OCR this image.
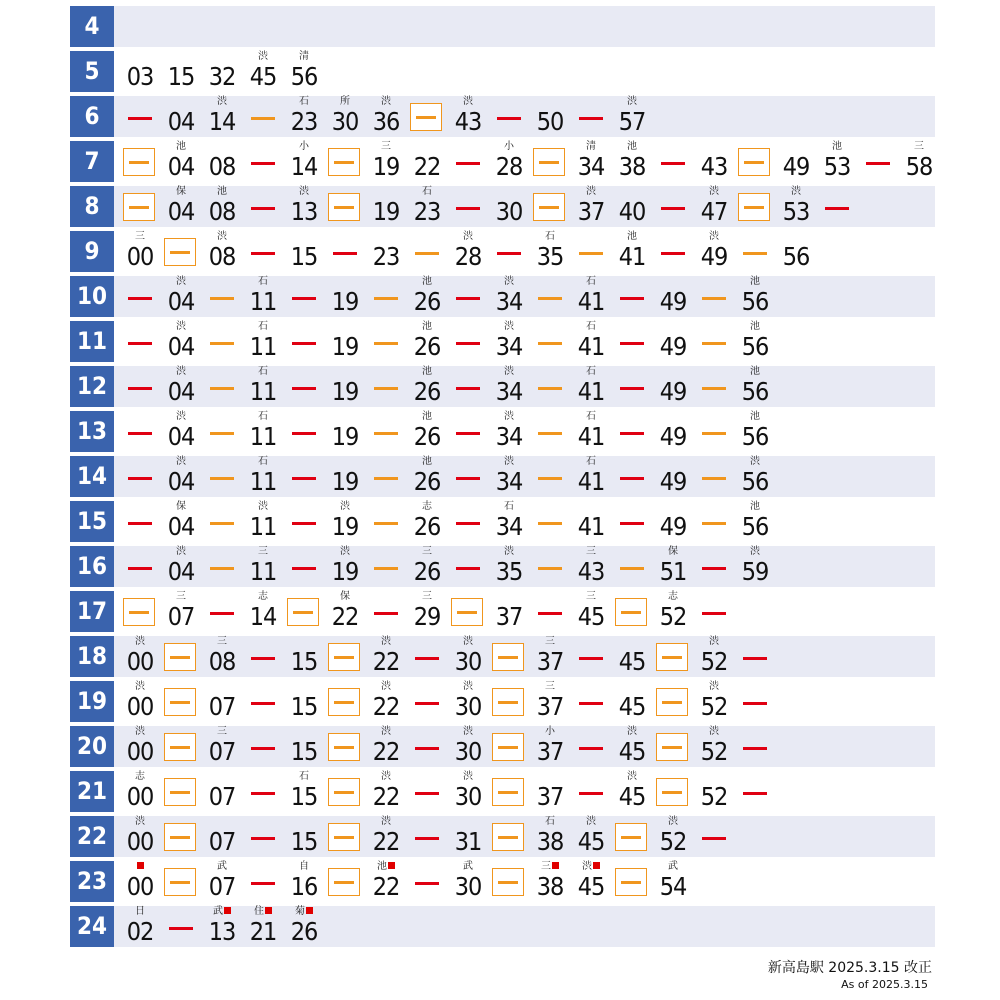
4
5	03 15 32
渋
45
清
56
6	04
渋
14
石
23
所
30
渋
36
渋
43 50
渋
57
7
池
04 08
小
14
三
19 22
小
28
清
34
池
38 43 49
池
53
三
58
8
保
04
池
08
渋
13 19
石
23 30
渋
37 40
渋
47
渋
53
9
三
00
渋
08 15 23
渋
28
石
35
池
41
渋
49 56
10
渋
04
石
11 19
池
26
渋
34
石
41 49
池
56
11
渋
04
石
11 19
池
26
渋
34
石
41 49
池
56
12
渋
04
石
11 19
池
26
渋
34
石
41 49
池
56
13
渋
04
石
11 19
池
26
渋
34
石
41 49
池
56
14
渋
04
石
11 19
池
26
渋
34
石
41 49
渋
56
15
保
04
渋
11
渋
19
志
26
石
34 41 49
池
56
16
渋
04
三
11
渋
19
三
26
渋
35
三
43
保
51
渋
59
17
三
07
志
14
保
22
三
29 37
三
45
志
52
18
渋
00
三
08 15
渋
22
渋
30
三
37 45
渋
52
19
渋
00 07 15
渋
22
渋
30
三
37 45
渋
52
20
渋
00
三
07 15
渋
22
渋
30
小
37
渋
45
渋
52
21
志
00 07
石
15
渋
22
渋
30 37
渋
45 52
22
渋
00 07 15
渋
22 31
石
38
渋
45
渋
52
23 00
武
07
自
16
池
22
武
30
三
38
渋
45
武
54
24
日
02
武
13
住
21
菊
26
新高島駅 2025.3.15 改正
As of 2025.3.15
